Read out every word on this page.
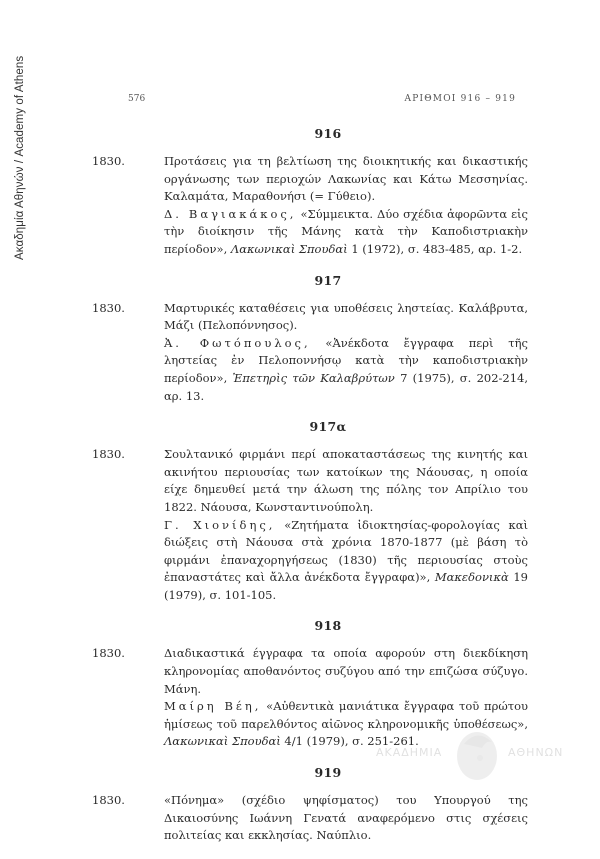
Ακαδημία Αθηνών / Academy of Athens	576	ΑΡΙΘΜΟΙ 916 – 919
916

1830.	Προτάσεις για τη βελτίωση της διοικητικής και δικαστικής οργάνωσης των περιοχών Λακωνίας και Κάτω Μεσσηνίας. Καλαμάτα, Μαραθονήσι (= Γύθειο).

Δ. Βαγιακάκος, «Σύμμεικτα. Δύο σχέδια ἀφορῶντα εἰς τὴν διοίκησιν τῆς Μάνης κατὰ τὴν Καποδιστριακὴν περίοδον», Λακωνικαὶ Σπουδαὶ 1 (1972), σ. 483-485, αρ. 1-2.

917

1830.	Μαρτυρικές καταθέσεις για υποθέσεις ληστείας. Καλάβρυτα, Μάζι (Πελοπόννησος).

Ἀ. Φωτόπουλος, «Ἀνέκδοτα ἔγγραφα περὶ τῆς ληστείας ἐν Πελοποννήσῳ κατὰ τὴν καποδιστριακὴν περίοδον», Ἐπετηρὶς τῶν Καλαβρύτων 7 (1975), σ. 202-214, αρ. 13.

917α

1830.	Σουλτανικό φιρμάνι περί αποκαταστάσεως της κινητής και ακινήτου περιουσίας των κατοίκων της Νάουσας, η οποία είχε δημευθεί μετά την άλωση της πόλης τον Απρίλιο του 1822. Νάουσα, Κωνσταντινούπολη.

Γ. Χιονίδης, «Ζητήματα ἰδιοκτησίας-φορολογίας καὶ διώξεις στὴ Νάουσα στὰ χρόνια 1870-1877 (μὲ βάση τὸ φιρμάνι ἐπαναχορηγήσεως (1830) τῆς περιουσίας στοὺς ἐπαναστάτες καὶ ἄλλα ἀνέκδοτα ἔγγραφα)», Μακεδονικὰ 19 (1979), σ. 101-105.

918

1830.	Διαδικαστικά έγγραφα τα οποία αφορούν στη διεκδίκηση κληρονομίας αποθανόντος συζύγου από την επιζώσα σύζυγο. Μάνη.

Μαίρη Βέη, «Αὐθεντικὰ μανιάτικα ἔγγραφα τοῦ πρώτου ἡμίσεως τοῦ παρελθόντος αἰῶνος κληρονομικῆς ὑποθέσεως», Λακωνικαὶ Σπουδαὶ 4/1 (1979), σ. 251-261.

919

1830.	«Πόνημα» (σχέδιο ψηφίσματος) του Υπουργού της Δικαιοσύνης Ιωάννη Γενατά αναφερόμενο στις σχέσεις πολιτείας και εκκλησίας. Ναύπλιο.

ΑΚΑΔΗΜΙΑ	ΑΘΗΝΩΝ
